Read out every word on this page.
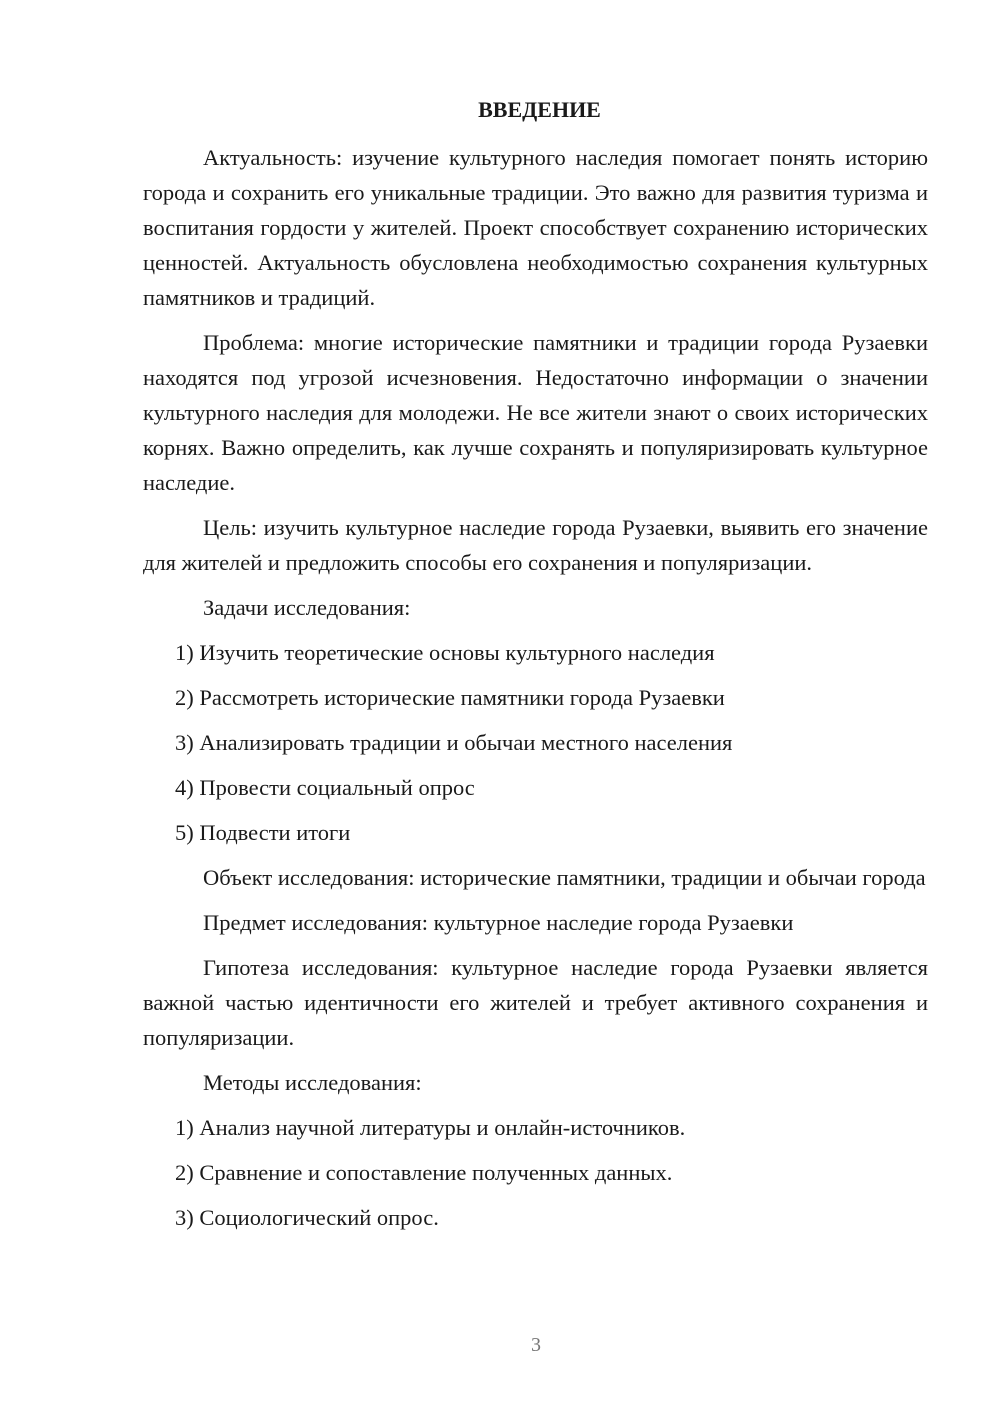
ВВЕДЕНИЕ

Актуальность: изучение культурного наследия помогает понять историю города и сохранить его уникальные традиции. Это важно для развития туризма и воспитания гордости у жителей. Проект способствует сохранению исторических ценностей. Актуальность обусловлена необходимостью сохранения культурных памятников и традиций.

Проблема: многие исторические памятники и традиции города Рузаевки находятся под угрозой исчезновения. Недостаточно информации о значении культурного наследия для молодежи. Не все жители знают о своих исторических корнях. Важно определить, как лучше сохранять и популяризировать культурное наследие.

Цель: изучить культурное наследие города Рузаевки, выявить его значение для жителей и предложить способы его сохранения и популяризации.

Задачи исследования:

1) Изучить теоретические основы культурного наследия
2) Рассмотреть исторические памятники города Рузаевки
3) Анализировать традиции и обычаи местного населения
4) Провести социальный опрос
5) Подвести итоги

Объект исследования: исторические памятники, традиции и обычаи города

Предмет исследования: культурное наследие города Рузаевки

Гипотеза исследования: культурное наследие города Рузаевки является важной частью идентичности его жителей и требует активного сохранения и популяризации.

Методы исследования:

1) Анализ научной литературы и онлайн-источников.
2) Сравнение и сопоставление полученных данных.
3) Социологический опрос.
3
